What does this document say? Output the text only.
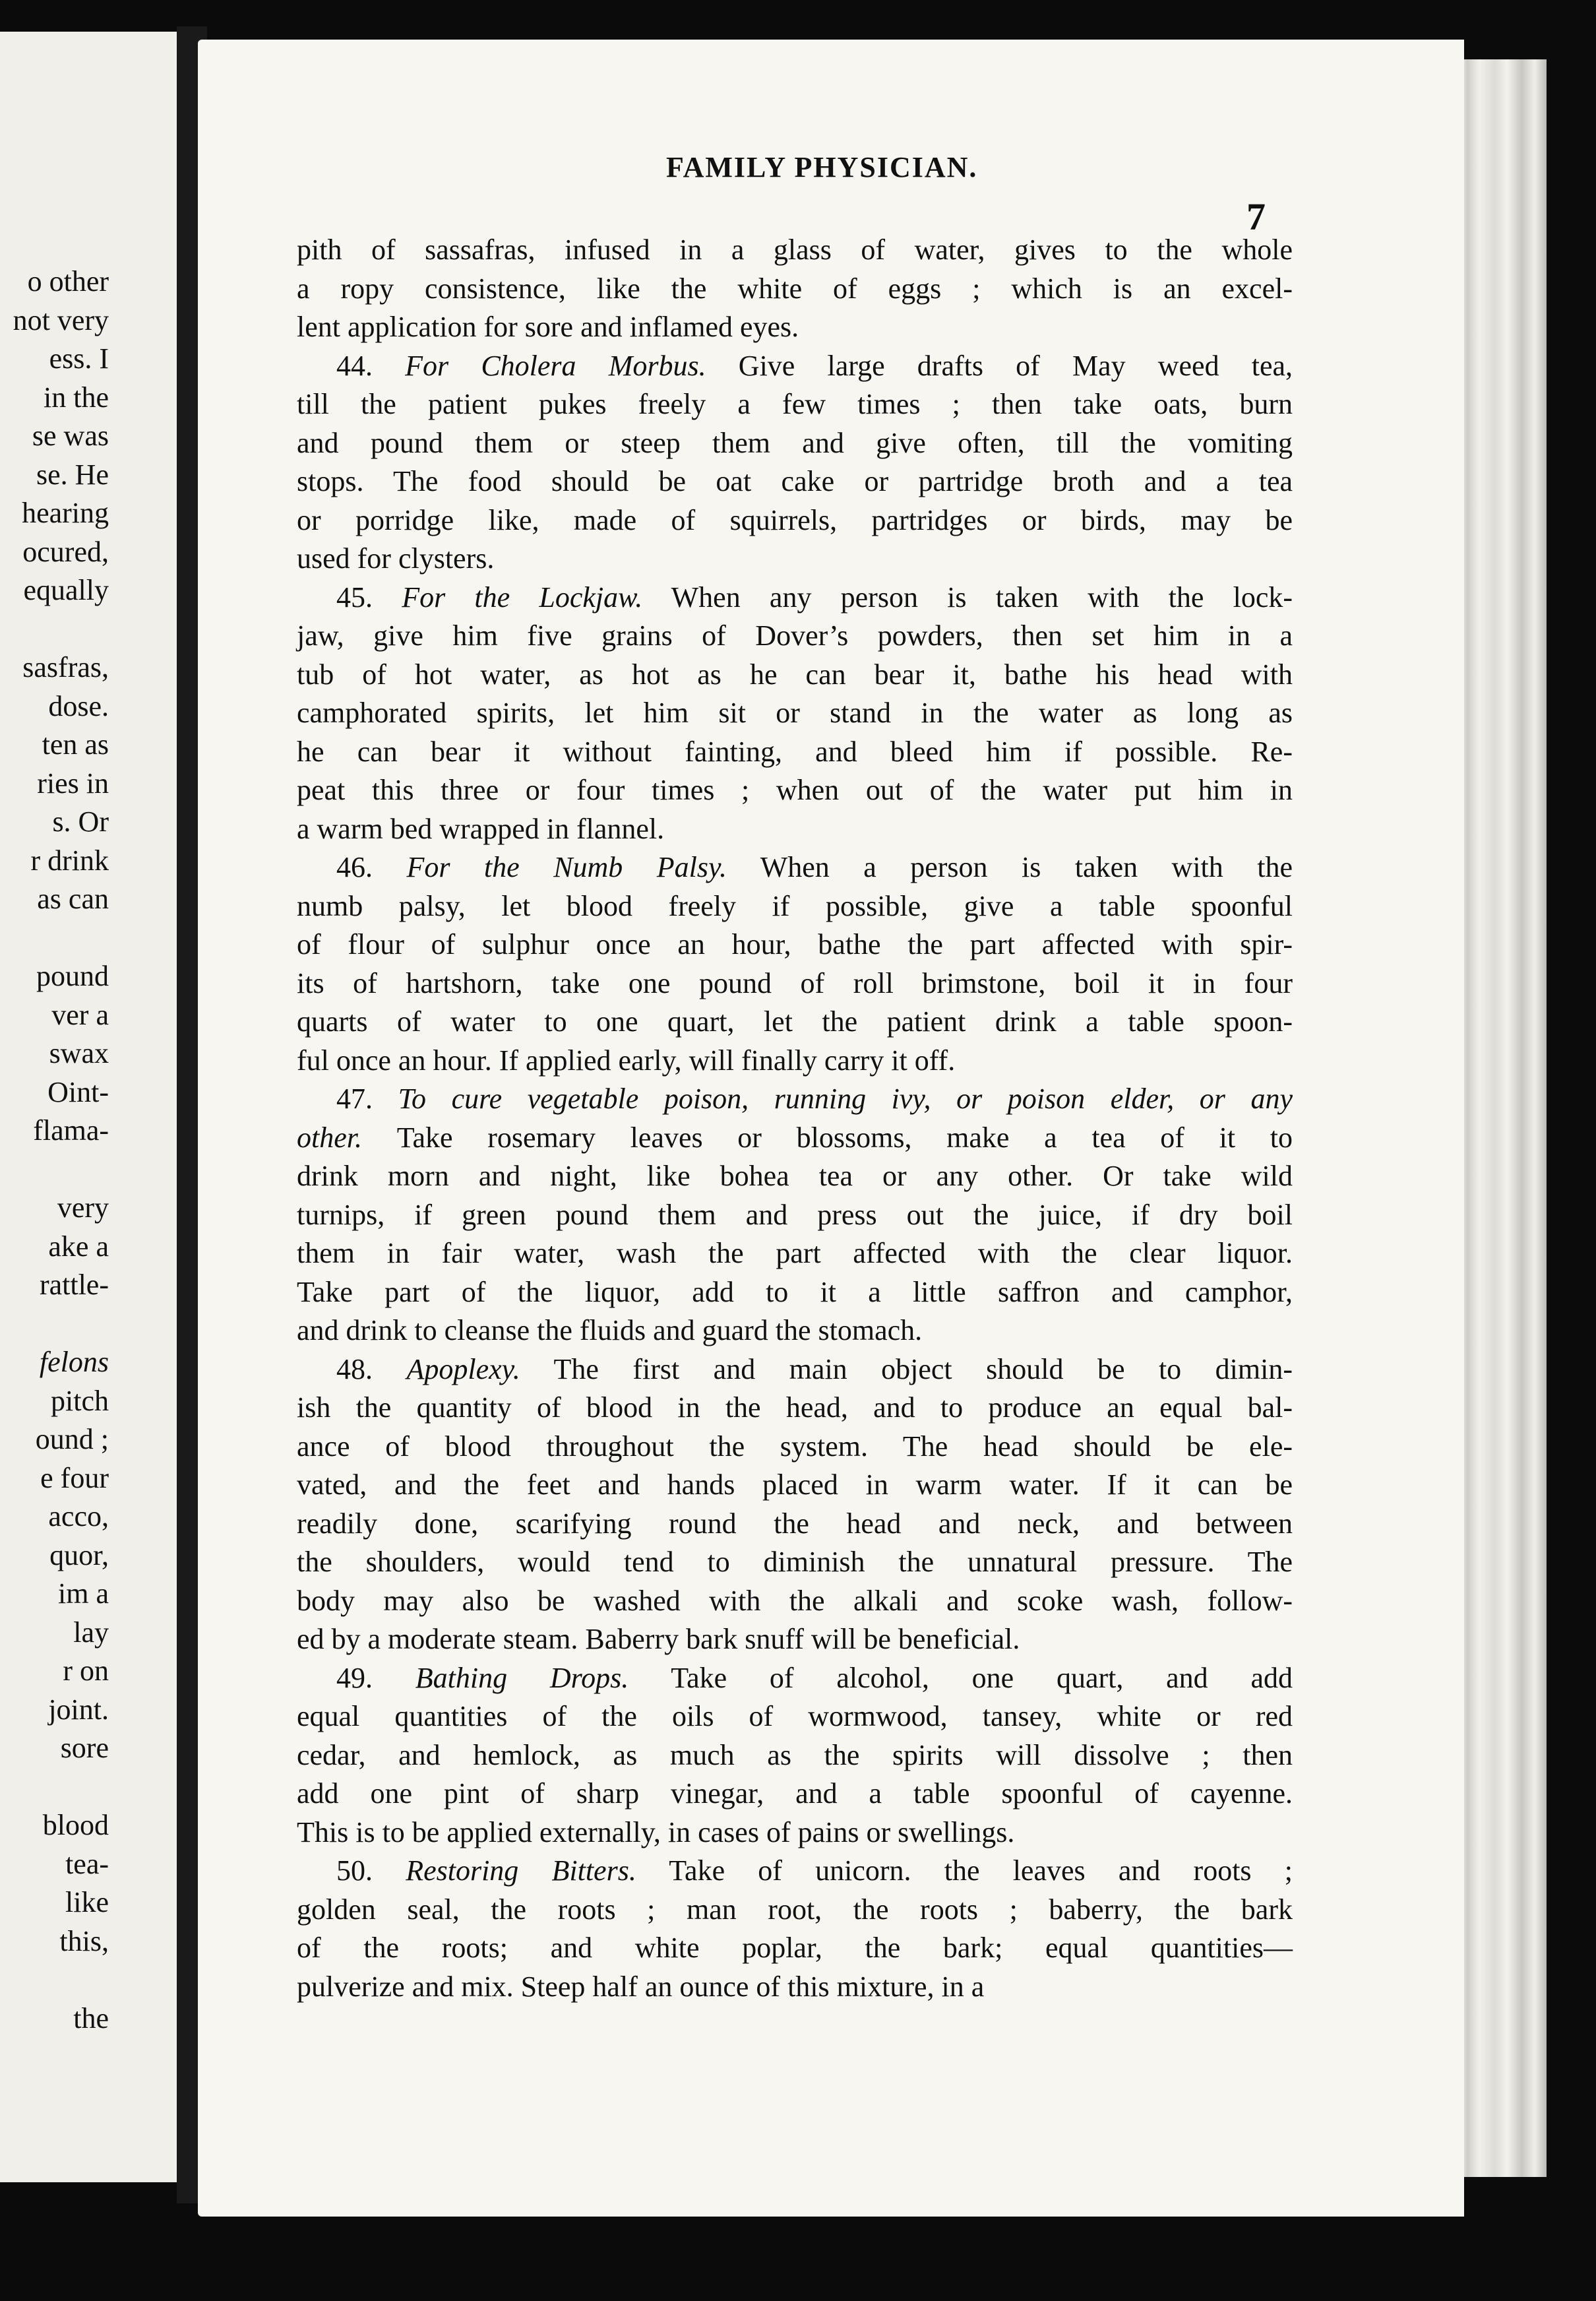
o other
not very
ess. I
in the
se was
se. He
hearing
ocured,
equally

sasfras,
dose.
ten as
ries in
s. Or
r drink
as can

pound
ver a
swax
Oint-
flama-

very
ake a
rattle-

felons
pitch
ound ;
e four
acco,
quor,
im a
lay
r on
joint.
sore

blood
tea-
like
this,

the
FAMILY PHYSICIAN.
7
pith of sassafras, infused in a glass of water, gives to the whole
a ropy consistence, like the white of eggs ; which is an excel-
lent application for sore and inflamed eyes.
44. For Cholera Morbus. Give large drafts of May weed tea,
till the patient pukes freely a few times ; then take oats, burn
and pound them or steep them and give often, till the vomiting
stops. The food should be oat cake or partridge broth and a tea
or porridge like, made of squirrels, partridges or birds, may be
used for clysters.
45. For the Lockjaw. When any person is taken with the lock-
jaw, give him five grains of Dover’s powders, then set him in a
tub of hot water, as hot as he can bear it, bathe his head with
camphorated spirits, let him sit or stand in the water as long as
he can bear it without fainting, and bleed him if possible. Re-
peat this three or four times ; when out of the water put him in
a warm bed wrapped in flannel.
46. For the Numb Palsy. When a person is taken with the
numb palsy, let blood freely if possible, give a table spoonful
of flour of sulphur once an hour, bathe the part affected with spir-
its of hartshorn, take one pound of roll brimstone, boil it in four
quarts of water to one quart, let the patient drink a table spoon-
ful once an hour. If applied early, will finally carry it off.
47. To cure vegetable poison, running ivy, or poison elder, or any
other. Take rosemary leaves or blossoms, make a tea of it to
drink morn and night, like bohea tea or any other. Or take wild
turnips, if green pound them and press out the juice, if dry boil
them in fair water, wash the part affected with the clear liquor.
Take part of the liquor, add to it a little saffron and camphor,
and drink to cleanse the fluids and guard the stomach.
48. Apoplexy. The first and main object should be to dimin-
ish the quantity of blood in the head, and to produce an equal bal-
ance of blood throughout the system. The head should be ele-
vated, and the feet and hands placed in warm water. If it can be
readily done, scarifying round the head and neck, and between
the shoulders, would tend to diminish the unnatural pressure. The
body may also be washed with the alkali and scoke wash, follow-
ed by a moderate steam. Baberry bark snuff will be beneficial.
49. Bathing Drops. Take of alcohol, one quart, and add
equal quantities of the oils of wormwood, tansey, white or red
cedar, and hemlock, as much as the spirits will dissolve ; then
add one pint of sharp vinegar, and a table spoonful of cayenne.
This is to be applied externally, in cases of pains or swellings.
50. Restoring Bitters. Take of unicorn. the leaves and roots ;
golden seal, the roots ; man root, the roots ; baberry, the bark
of the roots; and white poplar, the bark; equal quantities—
pulverize and mix. Steep half an ounce of this mixture, in a
